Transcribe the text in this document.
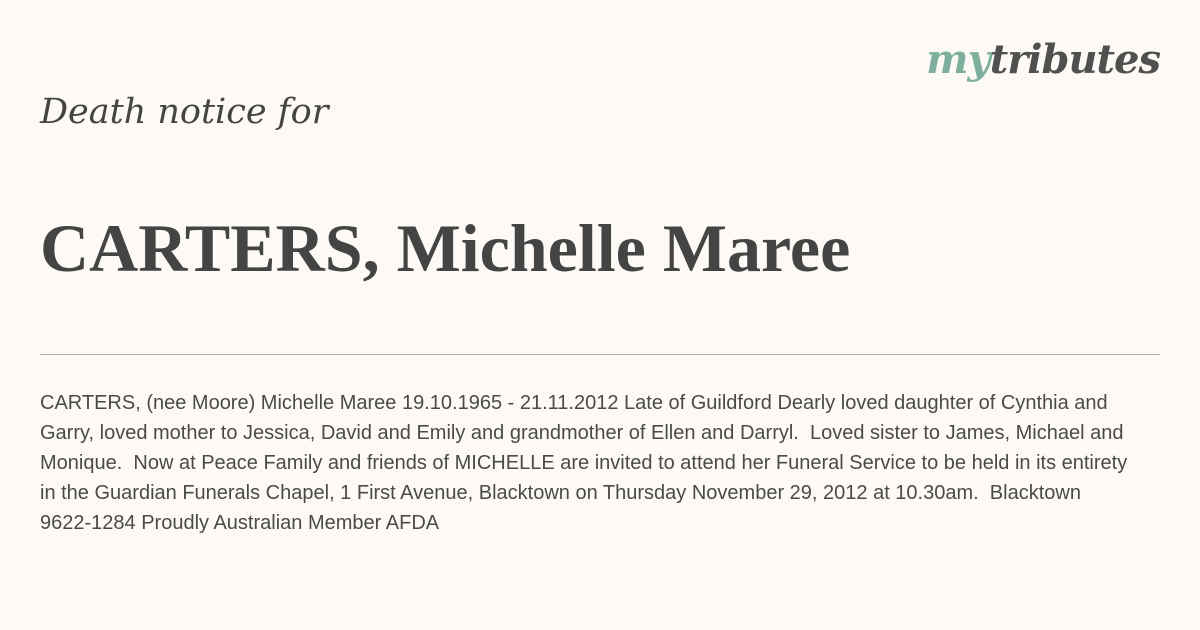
mytributes
Death notice for
CARTERS, Michelle Maree

CARTERS, (nee Moore) Michelle Maree 19.10.1965 - 21.11.2012 Late of Guildford Dearly loved daughter of Cynthia and Garry, loved mother to Jessica, David and Emily and grandmother of Ellen and Darryl.  Loved sister to James, Michael and Monique.  Now at Peace Family and friends of MICHELLE are invited to attend her Funeral Service to be held in its entirety in the Guardian Funerals Chapel, 1 First Avenue, Blacktown on Thursday November 29, 2012 at 10.30am.  Blacktown 9622-1284 Proudly Australian Member AFDA
